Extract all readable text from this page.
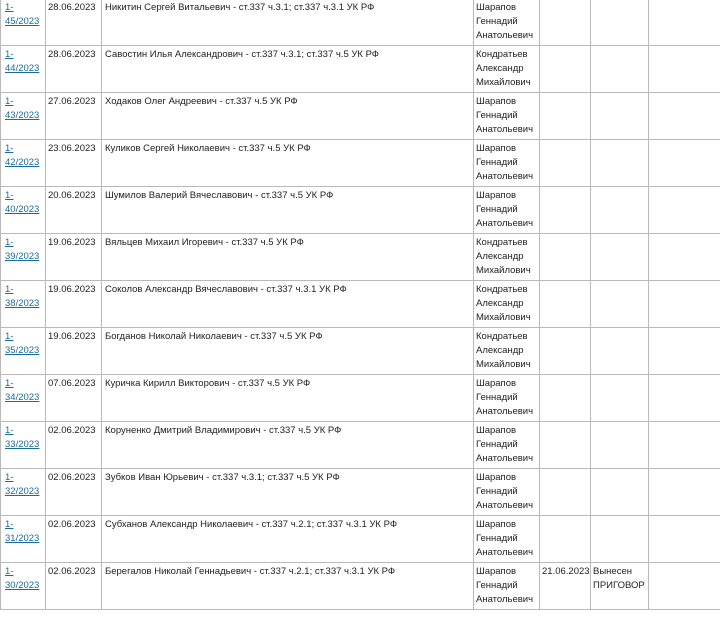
1-
45/2023	28.06.2023	Никитин Сергей Витальевич - ст.337 ч.3.1; ст.337 ч.3.1 УК РФ	Шарапов
Геннадий
Анатольевич		

1-
44/2023	28.06.2023	Савостин Илья Александрович - ст.337 ч.3.1; ст.337 ч.5 УК РФ	Кондратьев
Александр
Михайлович		

1-
43/2023	27.06.2023	Ходаков Олег Андреевич - ст.337 ч.5 УК РФ	Шарапов
Геннадий
Анатольевич		

1-
42/2023	23.06.2023	Куликов Сергей Николаевич - ст.337 ч.5 УК РФ	Шарапов
Геннадий
Анатольевич		

1-
40/2023	20.06.2023	Шумилов Валерий Вячеславович - ст.337 ч.5 УК РФ	Шарапов
Геннадий
Анатольевич		

1-
39/2023	19.06.2023	Вяльцев Михаил Игоревич - ст.337 ч.5 УК РФ	Кондратьев
Александр
Михайлович		

1-
38/2023	19.06.2023	Соколов Александр Вячеславович - ст.337 ч.3.1 УК РФ	Кондратьев
Александр
Михайлович		

1-
35/2023	19.06.2023	Богданов Николай Николаевич - ст.337 ч.5 УК РФ	Кондратьев
Александр
Михайлович		

1-
34/2023	07.06.2023	Куричка Кирилл Викторович - ст.337 ч.5 УК РФ	Шарапов
Геннадий
Анатольевич		

1-
33/2023	02.06.2023	Коруненко Дмитрий Владимирович - ст.337 ч.5 УК РФ	Шарапов
Геннадий
Анатольевич		

1-
32/2023	02.06.2023	Зубков Иван Юрьевич - ст.337 ч.3.1; ст.337 ч.5 УК РФ	Шарапов
Геннадий
Анатольевич		

1-
31/2023	02.06.2023	Субханов Александр Николаевич - ст.337 ч.2.1; ст.337 ч.3.1 УК РФ	Шарапов
Геннадий
Анатольевич		

1-
30/2023	02.06.2023	Берегалов Николай Геннадьевич - ст.337 ч.2.1; ст.337 ч.3.1 УК РФ	Шарапов
Геннадий
Анатольевич	21.06.2023	Вынесен
ПРИГОВОР	
